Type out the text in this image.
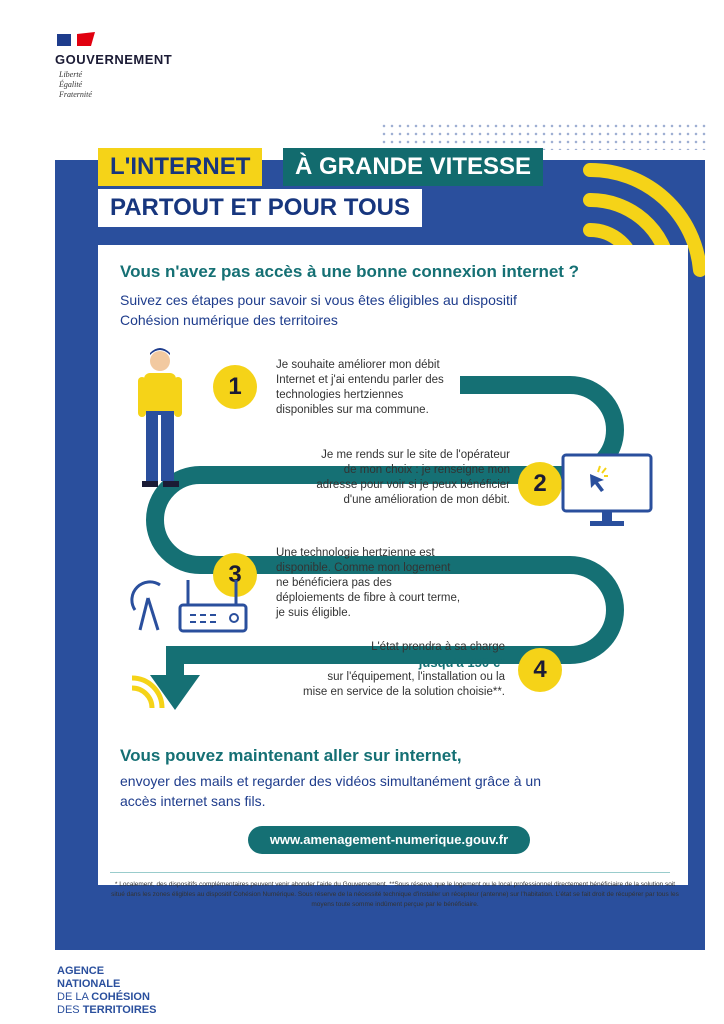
GOUVERNEMENT
Liberté
Égalité
Fraternité
L'INTERNET	À GRANDE VITESSE
PARTOUT ET POUR TOUS
Vous n'avez pas accès à une bonne connexion internet ?
Suivez ces étapes pour savoir si vous êtes éligibles au dispositif Cohésion numérique des territoires
1
Je souhaite améliorer mon débit Internet et j'ai entendu parler des technologies hertziennes disponibles sur ma commune.
Je me rends sur le site de l'opérateur de mon choix : je renseigne mon adresse pour voir si je peux bénéficier d'une amélioration de mon débit.
2
3
Une technologie hertzienne est disponible. Comme mon logement ne bénéficiera pas des déploiements de fibre à court terme, je suis éligible.
L'état prendra à sa charge
jusqu'à 150 €*
sur l'équipement, l'installation ou la mise en service de la solution choisie**.
4
Vous pouvez maintenant aller sur internet,
envoyer des mails et regarder des vidéos simultanément grâce à un accès internet sans fils.
www.amenagement-numerique.gouv.fr
* Localement, des dispositifs complémentaires peuvent venir abonder l'aide du Gouvernement. **Sous réserve que le logement ou le local professionnel directement bénéficiaire de la solution soit situé dans les zones éligibles au dispositif Cohésion Numérique. Sous réserve de la nécessité technique d'installer un récepteur (antenne) sur l'habitation. L'état se fait droit de récupérer par tous les moyens toute somme indûment perçue par le bénéficiaire.
AGENCE
NATIONALE
DE LA COHÉSION
DES TERRITOIRES
